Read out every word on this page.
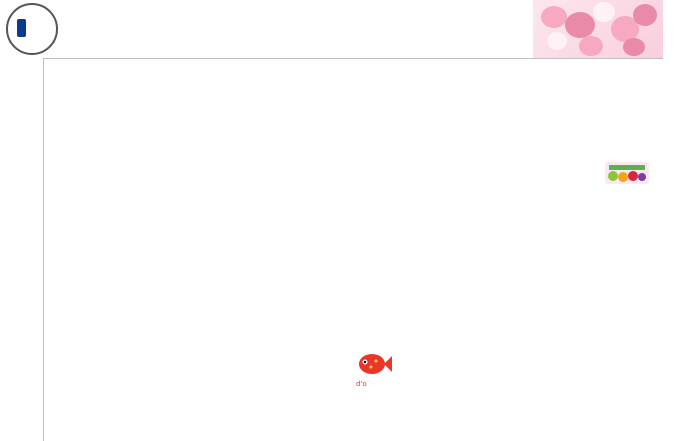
d'o
